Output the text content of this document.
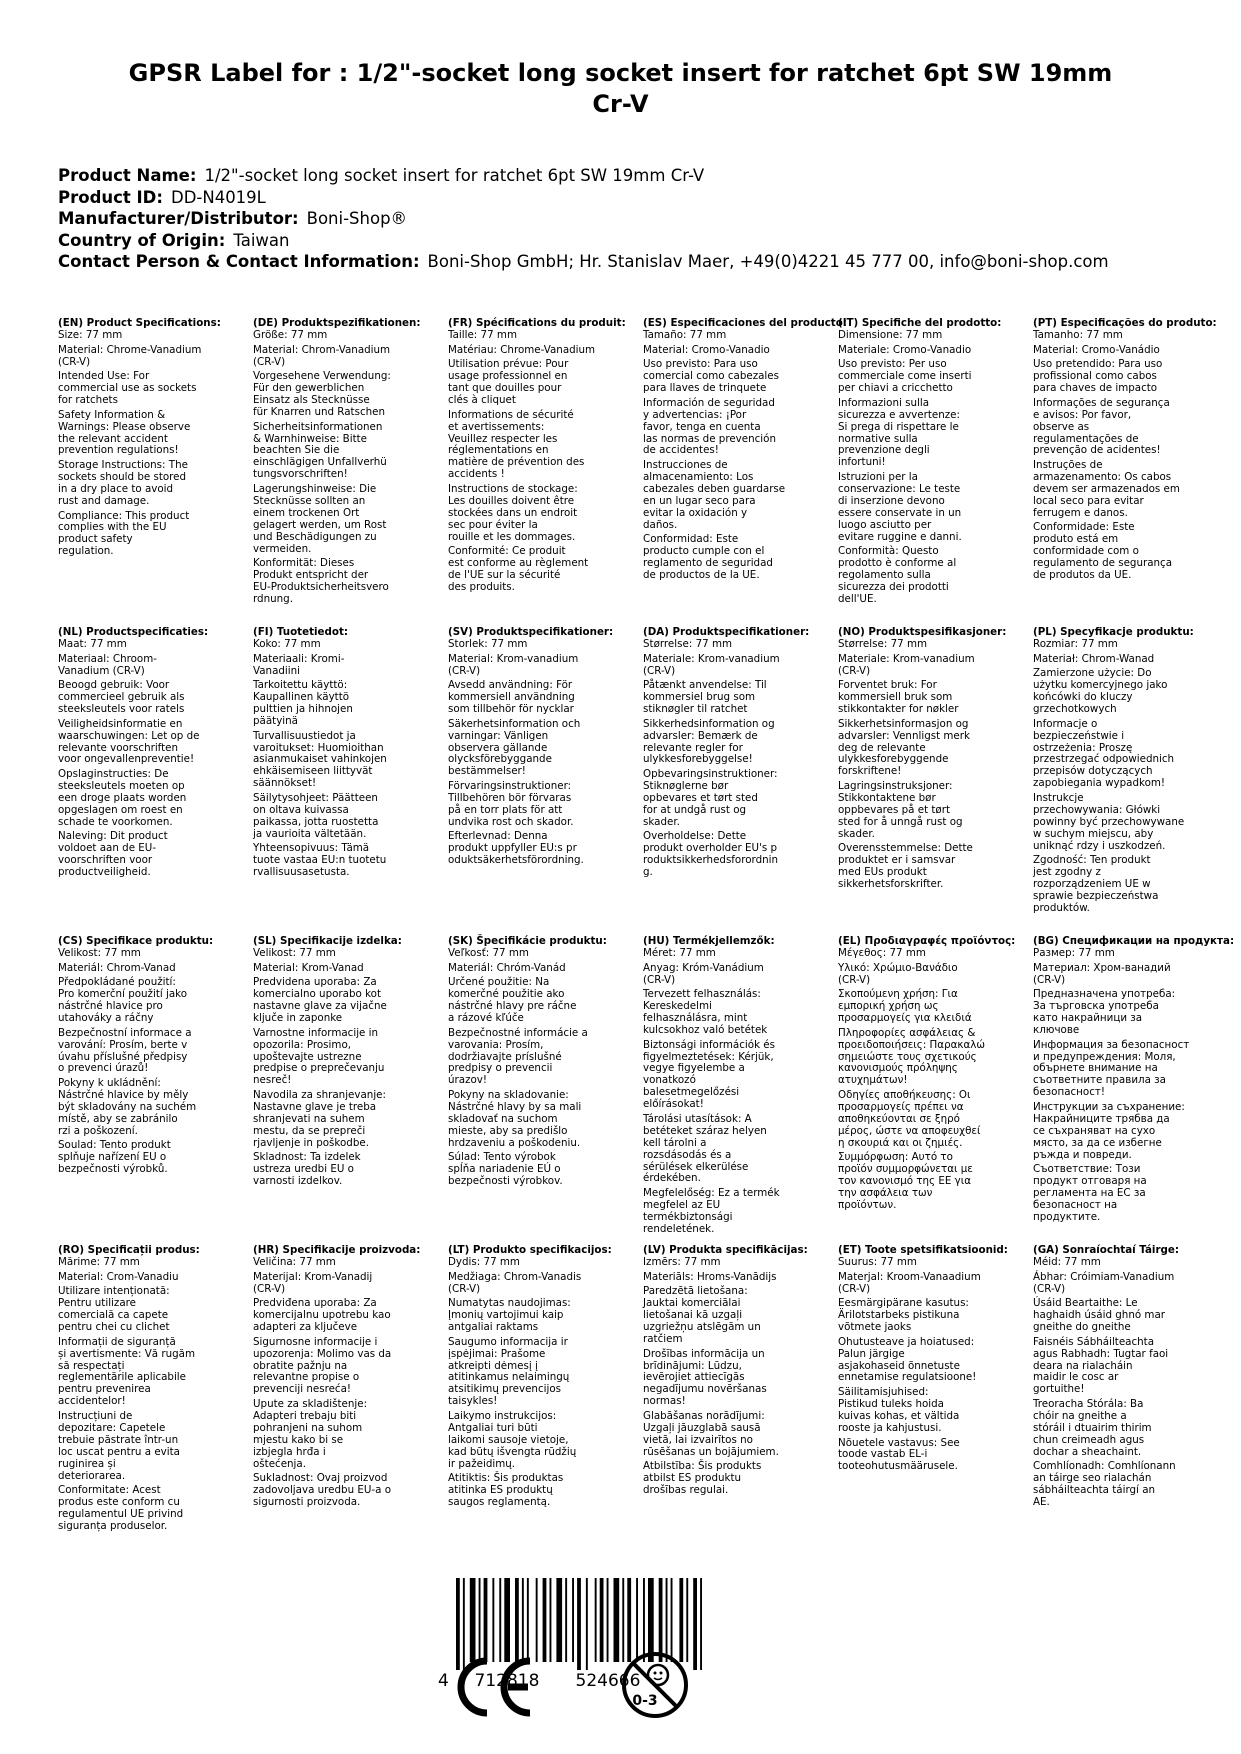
GPSR Label for : 1/2"-socket long socket insert for ratchet 6pt SW 19mm Cr-V
Product Name: 1/2"-socket long socket insert for ratchet 6pt SW 19mm Cr-V
Product ID: DD-N4019L
Manufacturer/Distributor: Boni-Shop®
Country of Origin: Taiwan
Contact Person & Contact Information: Boni-Shop GmbH; Hr. Stanislav Maer, +49(0)4221 45 777 00, info@boni-shop.com
(EN) Product Specifications:
Size: 77 mm
Material: Chrome-Vanadium
(CR-V)
Intended Use: For
commercial use as sockets
for ratchets
Safety Information &
Warnings: Please observe
the relevant accident
prevention regulations!
Storage Instructions: The
sockets should be stored
in a dry place to avoid
rust and damage.
Compliance: This product
complies with the EU
product safety
regulation.
(DE) Produktspezifikationen:
Größe: 77 mm
Material: Chrom-Vanadium
(CR-V)
Vorgesehene Verwendung:
Für den gewerblichen
Einsatz als Stecknüsse
für Knarren und Ratschen
Sicherheitsinformationen
& Warnhinweise: Bitte
beachten Sie die
einschlägigen Unfallverhü
tungsvorschriften!
Lagerungshinweise: Die
Stecknüsse sollten an
einem trockenen Ort
gelagert werden, um Rost
und Beschädigungen zu
vermeiden.
Konformität: Dieses
Produkt entspricht der
EU-Produktsicherheitsvero
rdnung.
(FR) Spécifications du produit:
Taille: 77 mm
Matériau: Chrome-Vanadium
Utilisation prévue: Pour
usage professionnel en
tant que douilles pour
clés à cliquet
Informations de sécurité
et avertissements:
Veuillez respecter les
réglementations en
matière de prévention des
accidents !
Instructions de stockage:
Les douilles doivent être
stockées dans un endroit
sec pour éviter la
rouille et les dommages.
Conformité: Ce produit
est conforme au règlement
de l'UE sur la sécurité
des produits.
(ES) Especificaciones del producto:
Tamaño: 77 mm
Material: Cromo-Vanadio
Uso previsto: Para uso
comercial como cabezales
para llaves de trinquete
Información de seguridad
y advertencias: ¡Por
favor, tenga en cuenta
las normas de prevención
de accidentes!
Instrucciones de
almacenamiento: Los
cabezales deben guardarse
en un lugar seco para
evitar la oxidación y
daños.
Conformidad: Este
producto cumple con el
reglamento de seguridad
de productos de la UE.
(IT) Specifiche del prodotto:
Dimensione: 77 mm
Materiale: Cromo-Vanadio
Uso previsto: Per uso
commerciale come inserti
per chiavi a cricchetto
Informazioni sulla
sicurezza e avvertenze:
Si prega di rispettare le
normative sulla
prevenzione degli
infortuni!
Istruzioni per la
conservazione: Le teste
di inserzione devono
essere conservate in un
luogo asciutto per
evitare ruggine e danni.
Conformità: Questo
prodotto è conforme al
regolamento sulla
sicurezza dei prodotti
dell'UE.
(PT) Especificações do produto:
Tamanho: 77 mm
Material: Cromo-Vanádio
Uso pretendido: Para uso
profissional como cabos
para chaves de impacto
Informações de segurança
e avisos: Por favor,
observe as
regulamentações de
prevenção de acidentes!
Instruções de
armazenamento: Os cabos
devem ser armazenados em
local seco para evitar
ferrugem e danos.
Conformidade: Este
produto está em
conformidade com o
regulamento de segurança
de produtos da UE.
(NL) Productspecificaties:
Maat: 77 mm
Materiaal: Chroom-
Vanadium (CR-V)
Beoogd gebruik: Voor
commercieel gebruik als
steeksleutels voor ratels
Veiligheidsinformatie en
waarschuwingen: Let op de
relevante voorschriften
voor ongevallenpreventie!
Opslaginstructies: De
steeksleutels moeten op
een droge plaats worden
opgeslagen om roest en
schade te voorkomen.
Naleving: Dit product
voldoet aan de EU-
voorschriften voor
productveiligheid.
(FI) Tuotetiedot:
Koko: 77 mm
Materiaali: Kromi-
Vanadiini
Tarkoitettu käyttö:
Kaupallinen käyttö
pulttien ja hihnojen
päätyinä
Turvallisuustiedot ja
varoitukset: Huomioithan
asianmukaiset vahinkojen
ehkäisemiseen liittyvät
säännökset!
Säilytysohjeet: Päätteen
on oltava kuivassa
paikassa, jotta ruostetta
ja vaurioita vältetään.
Yhteensopivuus: Tämä
tuote vastaa EU:n tuotetu
rvallisuusasetusta.
(SV) Produktspecifikationer:
Storlek: 77 mm
Material: Krom-vanadium
(CR-V)
Avsedd användning: För
kommersiell användning
som tillbehör för nycklar
Säkerhetsinformation och
varningar: Vänligen
observera gällande
olycksförebyggande
bestämmelser!
Förvaringsinstruktioner:
Tillbehören bör förvaras
på en torr plats för att
undvika rost och skador.
Efterlevnad: Denna
produkt uppfyller EU:s pr
oduktsäkerhetsförordning.
(DA) Produktspecifikationer:
Størrelse: 77 mm
Materiale: Krom-vanadium
(CR-V)
Påtænkt anvendelse: Til
kommersiel brug som
stiknøgler til ratchet
Sikkerhedsinformation og
advarsler: Bemærk de
relevante regler for
ulykkesforebyggelse!
Opbevaringsinstruktioner:
Stiknøglerne bør
opbevares et tørt sted
for at undgå rust og
skader.
Overholdelse: Dette
produkt overholder EU's p
roduktsikkerhedsforordnin
g.
(NO) Produktspesifikasjoner:
Størrelse: 77 mm
Materiale: Krom-vanadium
(CR-V)
Forventet bruk: For
kommersiell bruk som
stikkontakter for nøkler
Sikkerhetsinformasjon og
advarsler: Vennligst merk
deg de relevante
ulykkesforebyggende
forskriftene!
Lagringsinstruksjoner:
Stikkontaktene bør
oppbevares på et tørt
sted for å unngå rust og
skader.
Overensstemmelse: Dette
produktet er i samsvar
med EUs produkt
sikkerhetsforskrifter.
(PL) Specyfikacje produktu:
Rozmiar: 77 mm
Materiał: Chrom-Wanad
Zamierzone użycie: Do
użytku komercyjnego jako
końcówki do kluczy
grzechotkowych
Informacje o
bezpieczeństwie i
ostrzeżenia: Proszę
przestrzegać odpowiednich
przepisów dotyczących
zapobiegania wypadkom!
Instrukcje
przechowywania: Główki
powinny być przechowywane
w suchym miejscu, aby
uniknąć rdzy i uszkodzeń.
Zgodność: Ten produkt
jest zgodny z
rozporządzeniem UE w
sprawie bezpieczeństwa
produktów.
(CS) Specifikace produktu:
Velikost: 77 mm
Materiál: Chrom-Vanad
Předpokládané použití:
Pro komerční použití jako
nástrčné hlavice pro
utahováky a ráčny
Bezpečnostní informace a
varování: Prosím, berte v
úvahu příslušné předpisy
o prevenci úrazů!
Pokyny k ukládnění:
Nástrčné hlavice by měly
být skladovány na suchém
místě, aby se zabránilo
rzi a poškození.
Soulad: Tento produkt
splňuje nařízení EU o
bezpečnosti výrobků.
(SL) Specifikacije izdelka:
Velikost: 77 mm
Material: Krom-Vanad
Predvidena uporaba: Za
komercialno uporabo kot
nastavne glave za vijačne
ključe in zaponke
Varnostne informacije in
opozorila: Prosimo,
upoštevajte ustrezne
predpise o preprečevanju
nesreč!
Navodila za shranjevanje:
Nastavne glave je treba
shranjevati na suhem
mestu, da se prepreči
rjavljenje in poškodbe.
Skladnost: Ta izdelek
ustreza uredbi EU o
varnosti izdelkov.
(SK) Špecifikácie produktu:
Veľkosť: 77 mm
Materiál: Chróm-Vanád
Určené použitie: Na
komerčné použitie ako
nástrčné hlavy pre ráčne
a rázové kľúče
Bezpečnostné informácie a
varovania: Prosím,
dodržiavajte príslušné
predpisy o prevencii
úrazov!
Pokyny na skladovanie:
Nástrčné hlavy by sa mali
skladovať na suchom
mieste, aby sa predišlo
hrdzaveniu a poškodeniu.
Súlad: Tento výrobok
spĺňa nariadenie EÚ o
bezpečnosti výrobkov.
(HU) Termékjellemzők:
Méret: 77 mm
Anyag: Króm-Vanádium
(CR-V)
Tervezett felhasználás:
Kereskedelmi
felhasználásra, mint
kulcsokhoz való betétek
Biztonsági információk és
figyelmeztetések: Kérjük,
vegye figyelembe a
vonatkozó
balesetmegelőzési
előírásokat!
Tárolási utasítások: A
betéteket száraz helyen
kell tárolni a
rozsdásodás és a
sérülések elkerülése
érdekében.
Megfelelőség: Ez a termék
megfelel az EU
termékbiztonsági
rendeletének.
(EL) Προδιαγραφές προϊόντος:
Μέγεθος: 77 mm
Υλικό: Χρώμιο-Βανάδιο
(CR-V)
Σκοπούμενη χρήση: Για
εμπορική χρήση ως
προσαρμογείς για κλειδιά
Πληροφορίες ασφάλειας &
προειδοποιήσεις: Παρακαλώ
σημειώστε τους σχετικούς
κανονισμούς πρόληψης
ατυχημάτων!
Οδηγίες αποθήκευσης: Οι
προσαρμογείς πρέπει να
αποθηκεύονται σε ξηρό
μέρος, ώστε να αποφευχθεί
η σκουριά και οι ζημιές.
Συμμόρφωση: Αυτό το
προϊόν συμμορφώνεται με
τον κανονισμό της ΕΕ για
την ασφάλεια των
προϊόντων.
(BG) Спецификации на продукта:
Размер: 77 mm
Материал: Хром-ванадий
(CR-V)
Предназначена употреба:
За търговска употреба
като накрайници за
ключове
Информация за безопасност
и предупреждения: Моля,
обърнете внимание на
съответните правила за
безопасност!
Инструкции за съхранение:
Накрайниците трябва да
се съхраняват на сухо
място, за да се избегне
ръжда и повреди.
Съответствие: Този
продукт отговаря на
регламента на ЕС за
безопасност на
продуктите.
(RO) Specificații produs:
Mărime: 77 mm
Material: Crom-Vanadiu
Utilizare intenționată:
Pentru utilizare
comercială ca capete
pentru chei cu clichet
Informații de siguranță
și avertismente: Vă rugăm
să respectați
reglementările aplicabile
pentru prevenirea
accidentelor!
Instrucțiuni de
depozitare: Capetele
trebuie păstrate într-un
loc uscat pentru a evita
ruginirea și
deteriorarea.
Conformitate: Acest
produs este conform cu
regulamentul UE privind
siguranța produselor.
(HR) Specifikacije proizvoda:
Veličina: 77 mm
Materijal: Krom-Vanadij
(CR-V)
Predviđena uporaba: Za
komercijalnu upotrebu kao
adapteri za ključeve
Sigurnosne informacije i
upozorenja: Molimo vas da
obratite pažnju na
relevantne propise o
prevenciji nesreća!
Upute za skladištenje:
Adapteri trebaju biti
pohranjeni na suhom
mjestu kako bi se
izbjegla hrđa i
oštećenja.
Sukladnost: Ovaj proizvod
zadovoljava uredbu EU-a o
sigurnosti proizvoda.
(LT) Produkto specifikacijos:
Dydis: 77 mm
Medžiaga: Chrom-Vanadis
(CR-V)
Numatytas naudojimas:
Įmonių vartojimui kaip
antgaliai raktams
Saugumo informacija ir
įspėjimai: Prašome
atkreipti dėmesį į
atitinkamus nelaimingų
atsitikimų prevencijos
taisykles!
Laikymo instrukcijos:
Antgaliai turi būti
laikomi sausoje vietoje,
kad būtų išvengta rūdžių
ir pažeidimų.
Atitiktis: Šis produktas
atitinka ES produktų
saugos reglamentą.
(LV) Produkta specifikācijas:
Izmērs: 77 mm
Materiāls: Hroms-Vanādijs
Paredzētā lietošana:
Jauktai komerciālai
lietošanai kā uzgaļi
uzgriežņu atslēgām un
ratčiem
Drošības informācija un
brīdinājumi: Lūdzu,
ievērojiet attiecīgās
negadījumu novēršanas
normas!
Glabāšanas norādījumi:
Uzgaļi jāuzglabā sausā
vietā, lai izvairītos no
rūsēšanas un bojājumiem.
Atbilstība: Šis produkts
atbilst ES produktu
drošības regulai.
(ET) Toote spetsifikatsioonid:
Suurus: 77 mm
Materjal: Kroom-Vanaadium
(CR-V)
Eesmärgipärane kasutus:
Ärilotstarbeks pistikuna
võtmete jaoks
Ohutusteave ja hoiatused:
Palun järgige
asjakohaseid õnnetuste
ennetamise regulatsioone!
Säilitamisjuhised:
Pistikud tuleks hoida
kuivas kohas, et vältida
rooste ja kahjustusi.
Nõuetele vastavus: See
toode vastab EL-i
tooteohutusmäärusele.
(GA) Sonraíochtaí Táirge:
Méid: 77 mm
Ábhar: Cróimiam-Vanadium
(CR-V)
Úsáid Beartaithe: Le
haghaidh úsáid ghnó mar
gneithe do gneithe
Faisnéis Sábháilteachta
agus Rabhadh: Tugtar faoi
deara na rialacháin
maidir le cosc ar
gortuithe!
Treoracha Stórála: Ba
chóir na gneithe a
stóráil i dtuairim thirim
chun creimeadh agus
dochar a sheachaint.
Comhlíonadh: Comhlíonann
an táirge seo rialachán
sábháilteachta táirgí an
AE.
4 712818 524666
0-3
